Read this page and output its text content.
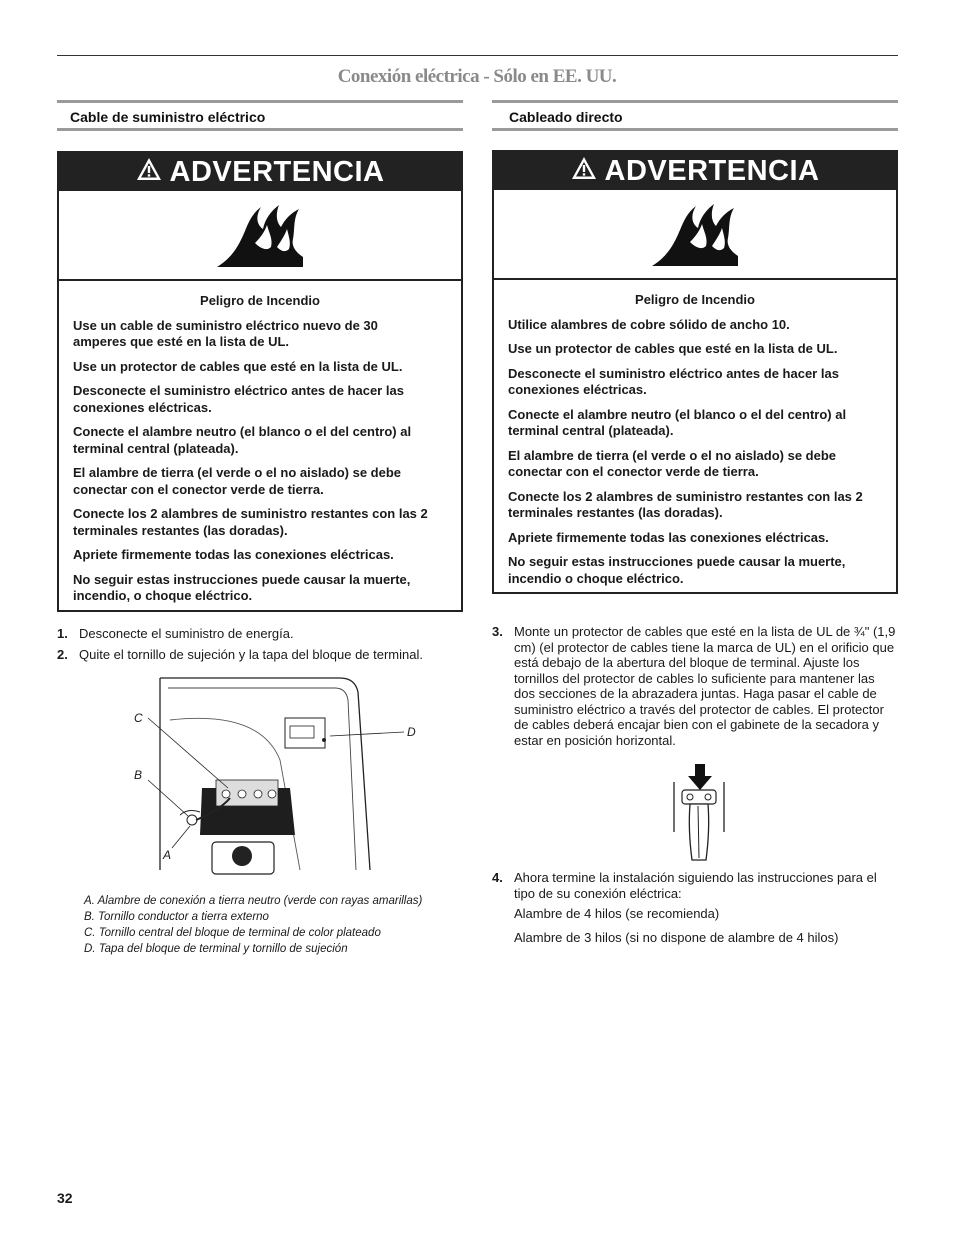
Conexión eléctrica - Sólo en EE. UU.
Cable de suministro eléctrico
ADVERTENCIA
Peligro de Incendio

Use un cable de suministro eléctrico nuevo de 30 amperes que esté en la lista de UL.

Use un protector de cables que esté en la lista de UL.

Desconecte el suministro eléctrico antes de hacer las conexiones eléctricas.

Conecte el alambre neutro (el blanco o el del centro) al terminal central (plateada).

El alambre de tierra (el verde o el no aislado) se debe conectar con el conector verde de tierra.

Conecte los 2 alambres de suministro restantes con las 2 terminales restantes (las doradas).

Apriete firmemente todas las conexiones eléctricas.

No seguir estas instrucciones puede causar la muerte, incendio, o choque eléctrico.

1. Desconecte el suministro de energía.
2. Quite el tornillo de sujeción y la tapa del bloque de terminal.
C
B
A
D
A. Alambre de conexión a tierra neutro (verde con rayas amarillas)
B. Tornillo conductor a tierra externo
C. Tornillo central del bloque de terminal de color plateado
D. Tapa del bloque de terminal y tornillo de sujeción
Cableado directo
ADVERTENCIA
Peligro de Incendio

Utilice alambres de cobre sólido de ancho 10.

Use un protector de cables que esté en la lista de UL.

Desconecte el suministro eléctrico antes de hacer las conexiones eléctricas.

Conecte el alambre neutro (el blanco o el del centro) al terminal central (plateada).

El alambre de tierra (el verde o el no aislado) se debe conectar con el conector verde de tierra.

Conecte los 2 alambres de suministro restantes con las 2 terminales restantes (las doradas).

Apriete firmemente todas las conexiones eléctricas.

No seguir estas instrucciones puede causar la muerte, incendio o choque eléctrico.

3. Monte un protector de cables que esté en la lista de UL de ¾" (1,9 cm) (el protector de cables tiene la marca de UL) en el orificio que está debajo de la abertura del bloque de terminal. Ajuste los tornillos del protector de cables lo suficiente para mantener las dos secciones de la abrazadera juntas. Haga pasar el cable de suministro eléctrico a través del protector de cables. El protector de cables deberá encajar bien con el gabinete de la secadora y estar en posición horizontal.
4. Ahora termine la instalación siguiendo las instrucciones para el tipo de su conexión eléctrica:
Alambre de 4 hilos (se recomienda)
Alambre de 3 hilos (si no dispone de alambre de 4 hilos)
32
